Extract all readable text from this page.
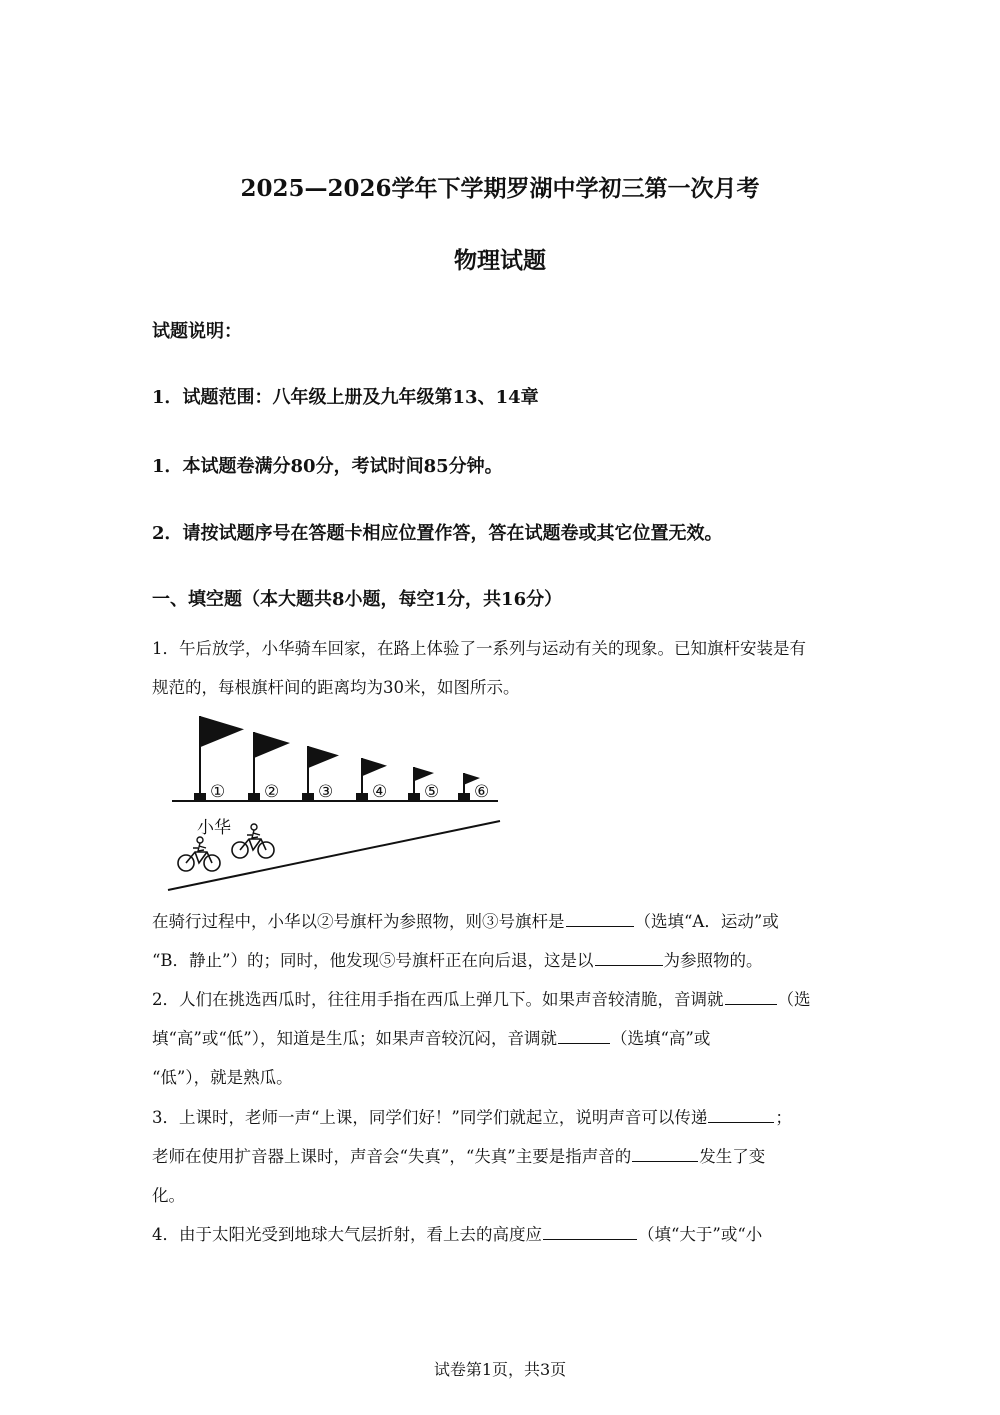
2025—2026学年下学期罗湖中学初三第一次月考
物理试题
试题说明：
1．试题范围：八年级上册及九年级第13、14章
1．本试题卷满分80分，考试时间85分钟。
2．请按试题序号在答题卡相应位置作答，答在试题卷或其它位置无效。
一、填空题（本大题共8小题，每空1分，共16分）
1．午后放学，小华骑车回家，在路上体验了一系列与运动有关的现象。已知旗杆安装是有
规范的，每根旗杆间的距离均为30米，如图所示。
① ② ③ ④ ⑤ ⑥
小华
在骑行过程中，小华以②号旗杆为参照物，则③号旗杆是	（选填“A．运动”或
“B．静止”）的；同时，他发现⑤号旗杆正在向后退，这是以	为参照物的。
2．人们在挑选西瓜时，往往用手指在西瓜上弹几下。如果声音较清脆，音调就	（选
填“高”或“低”），知道是生瓜；如果声音较沉闷，音调就	（选填“高”或
“低”），就是熟瓜。
3．上课时，老师一声“上课，同学们好！”同学们就起立，说明声音可以传递	；
老师在使用扩音器上课时，声音会“失真”，“失真”主要是指声音的	发生了变
化。
4．由于太阳光受到地球大气层折射，看上去的高度应	（填“大于”或“小
试卷第1页，共3页
